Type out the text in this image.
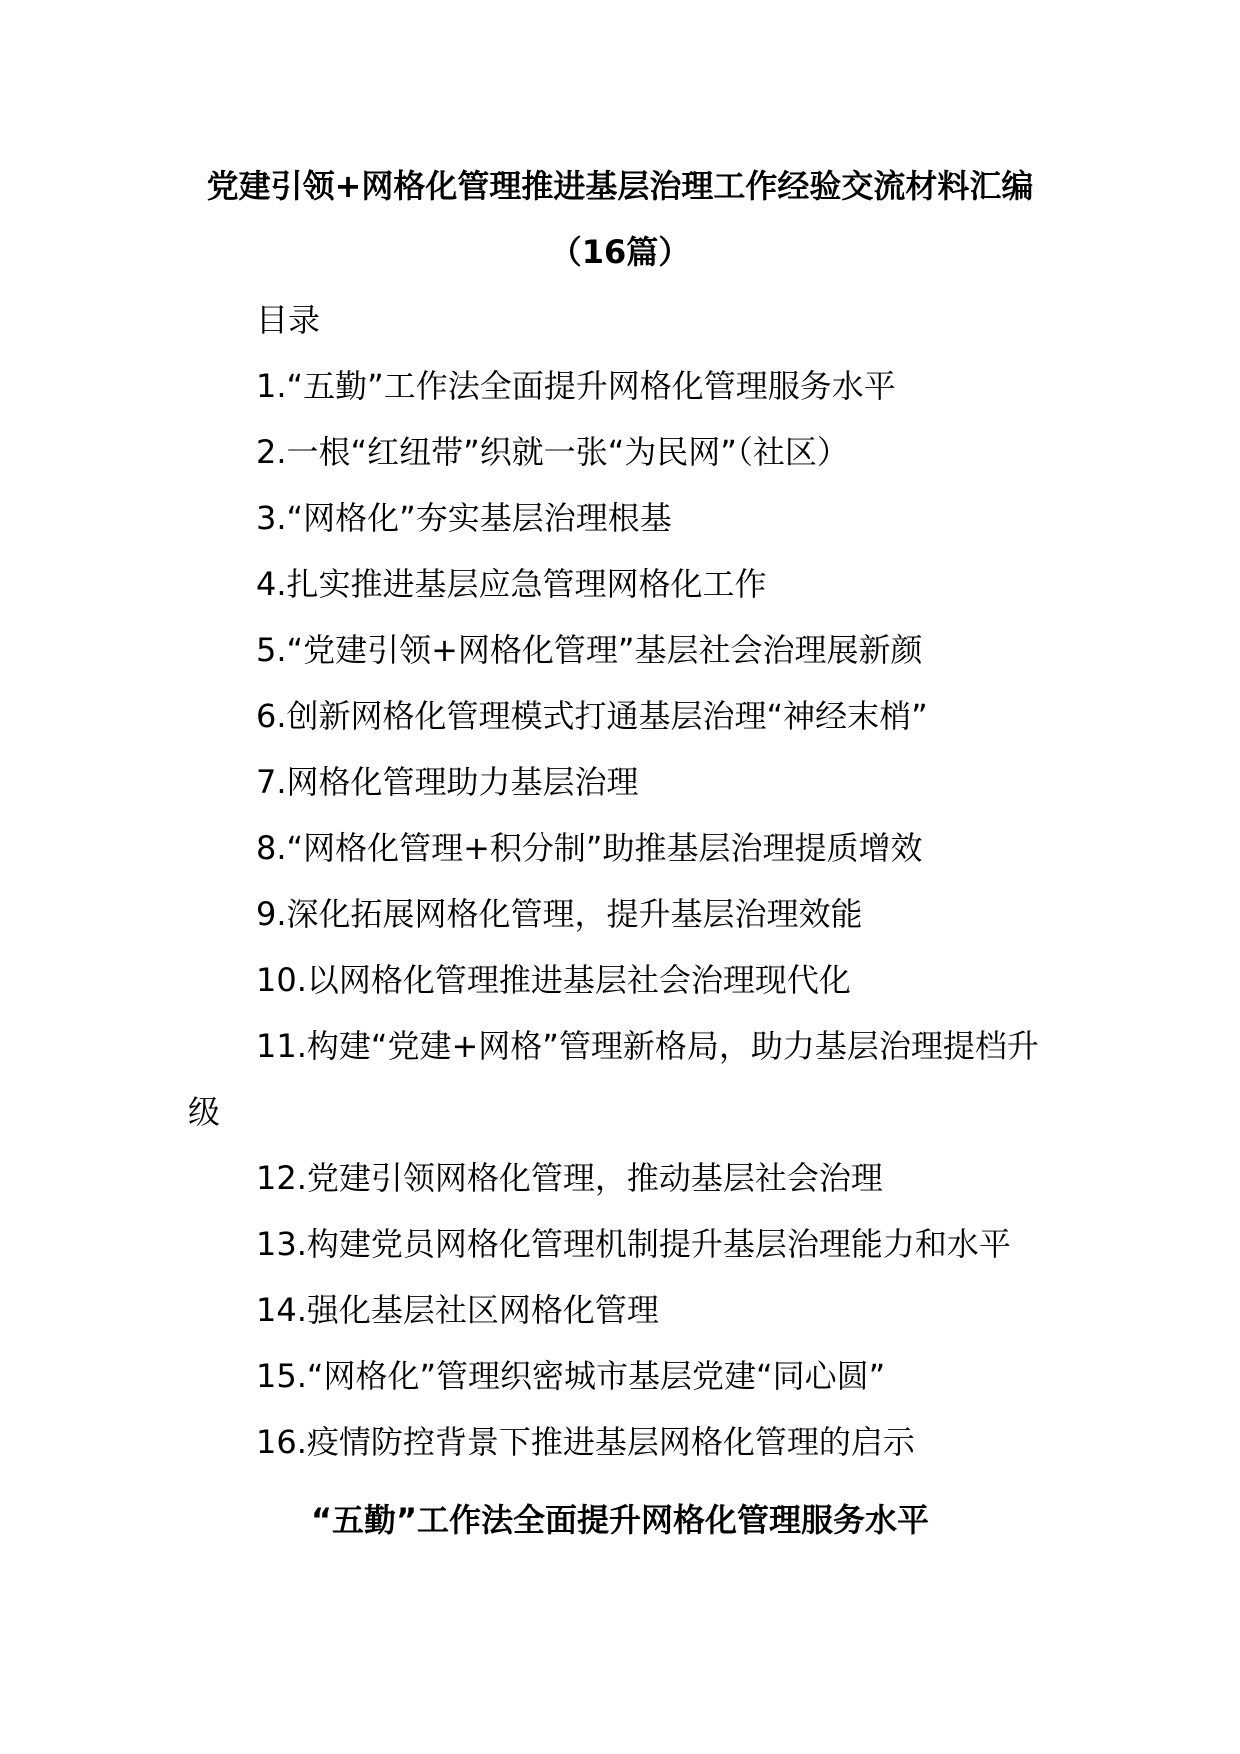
党建引领+网格化管理推进基层治理工作经验交流材料汇编
（16篇）
目录
1.“五勤”工作法全面提升网格化管理服务水平
2.一根“红纽带”织就一张“为民网”（社区）
3.“网格化”夯实基层治理根基
4.扎实推进基层应急管理网格化工作
5.“党建引领+网格化管理”基层社会治理展新颜
6.创新网格化管理模式打通基层治理“神经末梢”
7.网格化管理助力基层治理
8.“网格化管理+积分制”助推基层治理提质增效
9.深化拓展网格化管理，提升基层治理效能
10.以网格化管理推进基层社会治理现代化
11.构建“党建+网格”管理新格局，助力基层治理提档升级
12.党建引领网格化管理，推动基层社会治理
13.构建党员网格化管理机制提升基层治理能力和水平
14.强化基层社区网格化管理
15.“网格化”管理织密城市基层党建“同心圆”
16.疫情防控背景下推进基层网格化管理的启示
“五勤”工作法全面提升网格化管理服务水平
